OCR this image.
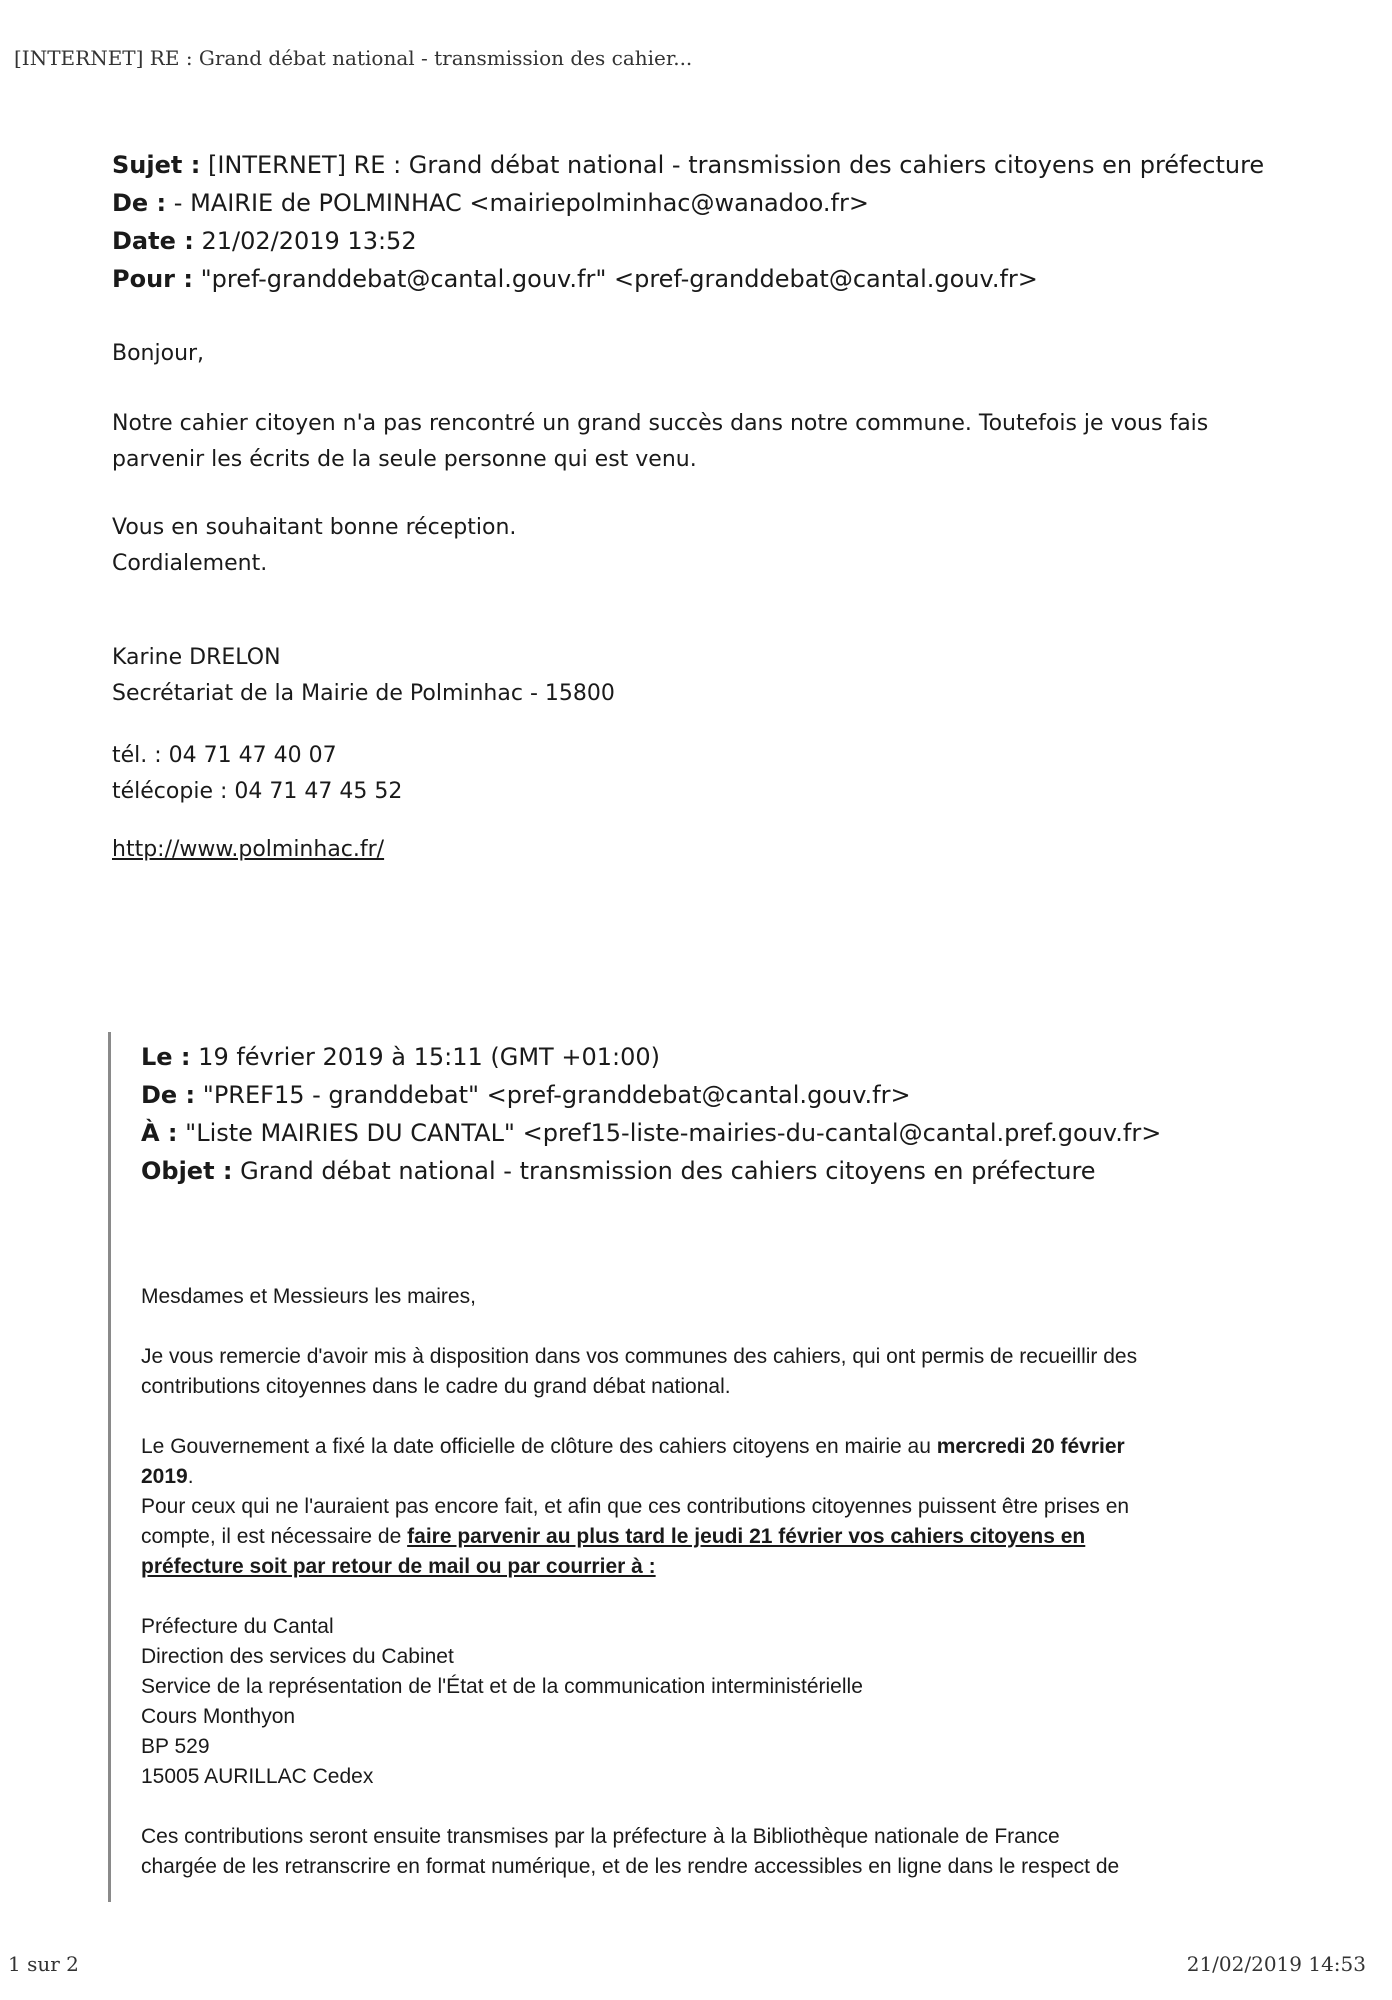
[INTERNET] RE : Grand débat national - transmission des cahier...
Sujet : [INTERNET] RE : Grand débat national - transmission des cahiers citoyens en préfecture
De : - MAIRIE de POLMINHAC <mairiepolminhac@wanadoo.fr>
Date : 21/02/2019 13:52
Pour : "pref-granddebat@cantal.gouv.fr" <pref-granddebat@cantal.gouv.fr>

Bonjour,

Notre cahier citoyen n'a pas rencontré un grand succès dans notre commune. Toutefois je vous fais

parvenir les écrits de la seule personne qui est venu.

Vous en souhaitant bonne réception.

Cordialement.

Karine DRELON

Secrétariat de la Mairie de Polminhac - 15800

tél. : 04 71 47 40 07

télécopie : 04 71 47 45 52

http://www.polminhac.fr/

Le : 19 février 2019 à 15:11 (GMT +01:00)
De : "PREF15 - granddebat" <pref-granddebat@cantal.gouv.fr>
À : "Liste MAIRIES DU CANTAL" <pref15-liste-mairies-du-cantal@cantal.pref.gouv.fr>
Objet : Grand débat national - transmission des cahiers citoyens en préfecture

Mesdames et Messieurs les maires,

Je vous remercie d'avoir mis à disposition dans vos communes des cahiers, qui ont permis de recueillir des
contributions citoyennes dans le cadre du grand débat national.

Le Gouvernement a fixé la date officielle de clôture des cahiers citoyens en mairie au mercredi 20 février
2019.

Pour ceux qui ne l'auraient pas encore fait, et afin que ces contributions citoyennes puissent être prises en
compte, il est nécessaire de faire parvenir au plus tard le jeudi 21 février vos cahiers citoyens en
préfecture soit par retour de mail ou par courrier à :

Préfecture du Cantal
Direction des services du Cabinet
Service de la représentation de l'État et de la communication interministérielle
Cours Monthyon
BP 529
15005 AURILLAC Cedex

Ces contributions seront ensuite transmises par la préfecture à la Bibliothèque nationale de France
chargée de les retranscrire en format numérique, et de les rendre accessibles en ligne dans le respect de

1 sur 2	21/02/2019 14:53
